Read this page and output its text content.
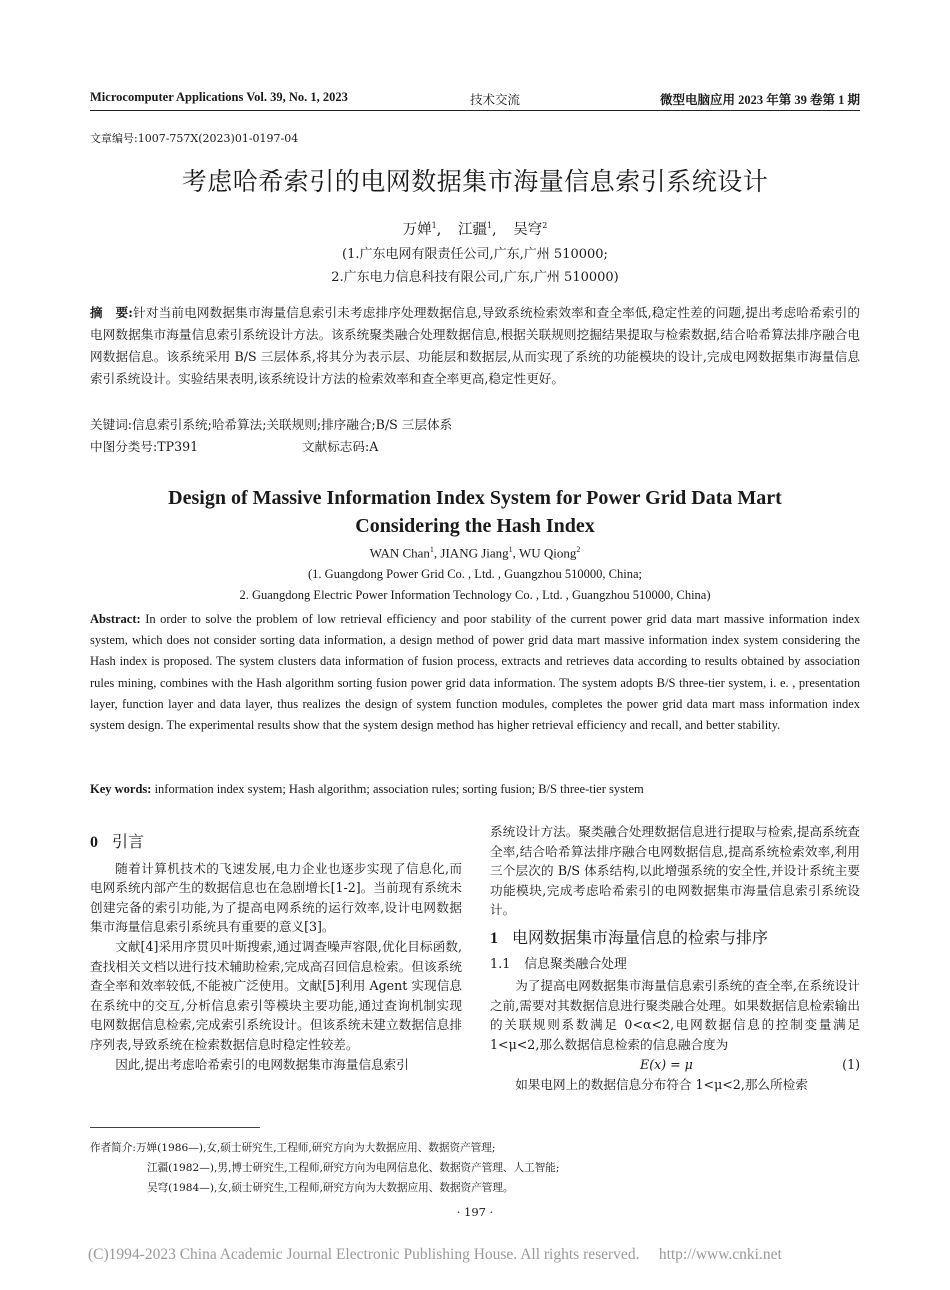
Microcomputer Applications Vol. 39, No. 1, 2023	技术交流	微型电脑应用 2023 年第 39 卷第 1 期
文章编号:1007-757X(2023)01-0197-04
考虑哈希索引的电网数据集市海量信息索引系统设计
万婵$^1$, 江疆$^1$, 吴穹$^2$
(1.广东电网有限责任公司,广东,广州 510000;
2.广东电力信息科技有限公司,广东,广州 510000)
摘　要:针对当前电网数据集市海量信息索引未考虑排序处理数据信息,导致系统检索效率和查全率低,稳定性差的问题,提出考虑哈希索引的电网数据集市海量信息索引系统设计方法。该系统聚类融合处理数据信息,根据关联规则挖掘结果提取与检索数据,结合哈希算法排序融合电网数据信息。该系统采用 B/S 三层体系,将其分为表示层、功能层和数据层,从而实现了系统的功能模块的设计,完成电网数据集市海量信息索引系统设计。实验结果表明,该系统设计方法的检索效率和查全率更高,稳定性更好。
关键词:信息索引系统;哈希算法;关联规则;排序融合;B/S 三层体系
中图分类号:TP391	文献标志码:A
Design of Massive Information Index System for Power Grid Data Mart
Considering the Hash Index
WAN Chan$^1$, JIANG Jiang$^1$, WU Qiong$^2$
(1. Guangdong Power Grid Co. , Ltd. , Guangzhou 510000, China;
2. Guangdong Electric Power Information Technology Co. , Ltd. , Guangzhou 510000, China)
Abstract: In order to solve the problem of low retrieval efficiency and poor stability of the current power grid data mart massive information index system, which does not consider sorting data information, a design method of power grid data mart massive information index system considering the Hash index is proposed. The system clusters data information of fusion process, extracts and retrieves data according to results obtained by association rules mining, combines with the Hash algorithm sorting fusion power grid data information. The system adopts B/S three-tier system, i. e. , presentation layer, function layer and data layer, thus realizes the design of system function modules, completes the power grid data mart mass information index system design. The experimental results show that the system design method has higher retrieval efficiency and recall, and better stability.
Key words: information index system; Hash algorithm; association rules; sorting fusion; B/S three-tier system
0 引言

随着计算机技术的飞速发展,电力企业也逐步实现了信息化,而电网系统内部产生的数据信息也在急剧增长[1-2]。当前现有系统未创建完备的索引功能,为了提高电网系统的运行效率,设计电网数据集市海量信息索引系统具有重要的意义[3]。

文献[4]采用序贯贝叶斯搜索,通过调查噪声容限,优化目标函数,查找相关文档以进行技术辅助检索,完成高召回信息检索。但该系统查全率和效率较低,不能被广泛使用。文献[5]利用 Agent 实现信息在系统中的交互,分析信息索引等模块主要功能,通过查询机制实现电网数据信息检索,完成索引系统设计。但该系统未建立数据信息排序列表,导致系统在检索数据信息时稳定性较差。

因此,提出考虑哈希索引的电网数据集市海量信息索引

系统设计方法。聚类融合处理数据信息进行提取与检索,提高系统查全率,结合哈希算法排序融合电网数据信息,提高系统检索效率,利用三个层次的 B/S 体系结构,以此增强系统的安全性,并设计系统主要功能模块,完成考虑哈希索引的电网数据集市海量信息索引系统设计。

1 电网数据集市海量信息的检索与排序
1.1 信息聚类融合处理

为了提高电网数据集市海量信息索引系统的查全率,在系统设计之前,需要对其数据信息进行聚类融合处理。如果数据信息检索输出的关联规则系数满足 0<α<2,电网数据信息的控制变量满足 1<μ<2,那么数据信息检索的信息融合度为

E(x) = μ	(1)

如果电网上的数据信息分布符合 1<μ<2,那么所检索

作者简介:万婵(1986—),女,硕士研究生,工程师,研究方向为大数据应用、数据资产管理;
江疆(1982—),男,博士研究生,工程师,研究方向为电网信息化、数据资产管理、人工智能;
吴穹(1984—),女,硕士研究生,工程师,研究方向为大数据应用、数据资产管理。
· 197 ·
(C)1994-2023 China Academic Journal Electronic Publishing House. All rights reserved.　 http://www.cnki.net
